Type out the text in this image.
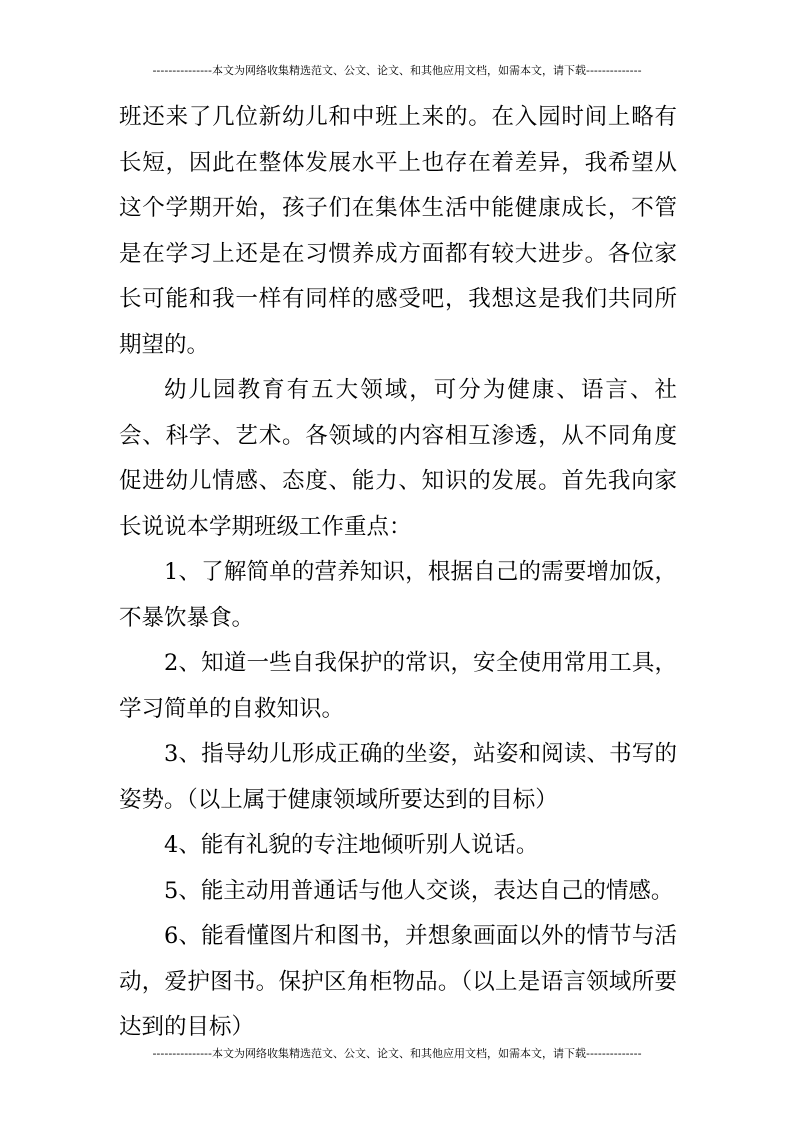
---------------本文为网络收集精选范文、公文、论文、和其他应用文档，如需本文，请下载--------------

班还来了几位新幼儿和中班上来的。在入园时间上略有长短，因此在整体发展水平上也存在着差异，我希望从这个学期开始，孩子们在集体生活中能健康成长，不管是在学习上还是在习惯养成方面都有较大进步。各位家长可能和我一样有同样的感受吧，我想这是我们共同所期望的。

幼儿园教育有五大领域，可分为健康、语言、社会、科学、艺术。各领域的内容相互渗透，从不同角度促进幼儿情感、态度、能力、知识的发展。首先我向家长说说本学期班级工作重点：

1、了解简单的营养知识，根据自己的需要增加饭，不暴饮暴食。

2、知道一些自我保护的常识，安全使用常用工具，学习简单的自救知识。

3、指导幼儿形成正确的坐姿，站姿和阅读、书写的姿势。（以上属于健康领域所要达到的目标）

4、能有礼貌的专注地倾听别人说话。

5、能主动用普通话与他人交谈，表达自己的情感。

6、能看懂图片和图书，并想象画面以外的情节与活动，爱护图书。保护区角柜物品。（以上是语言领域所要达到的目标）

---------------本文为网络收集精选范文、公文、论文、和其他应用文档，如需本文，请下载--------------
